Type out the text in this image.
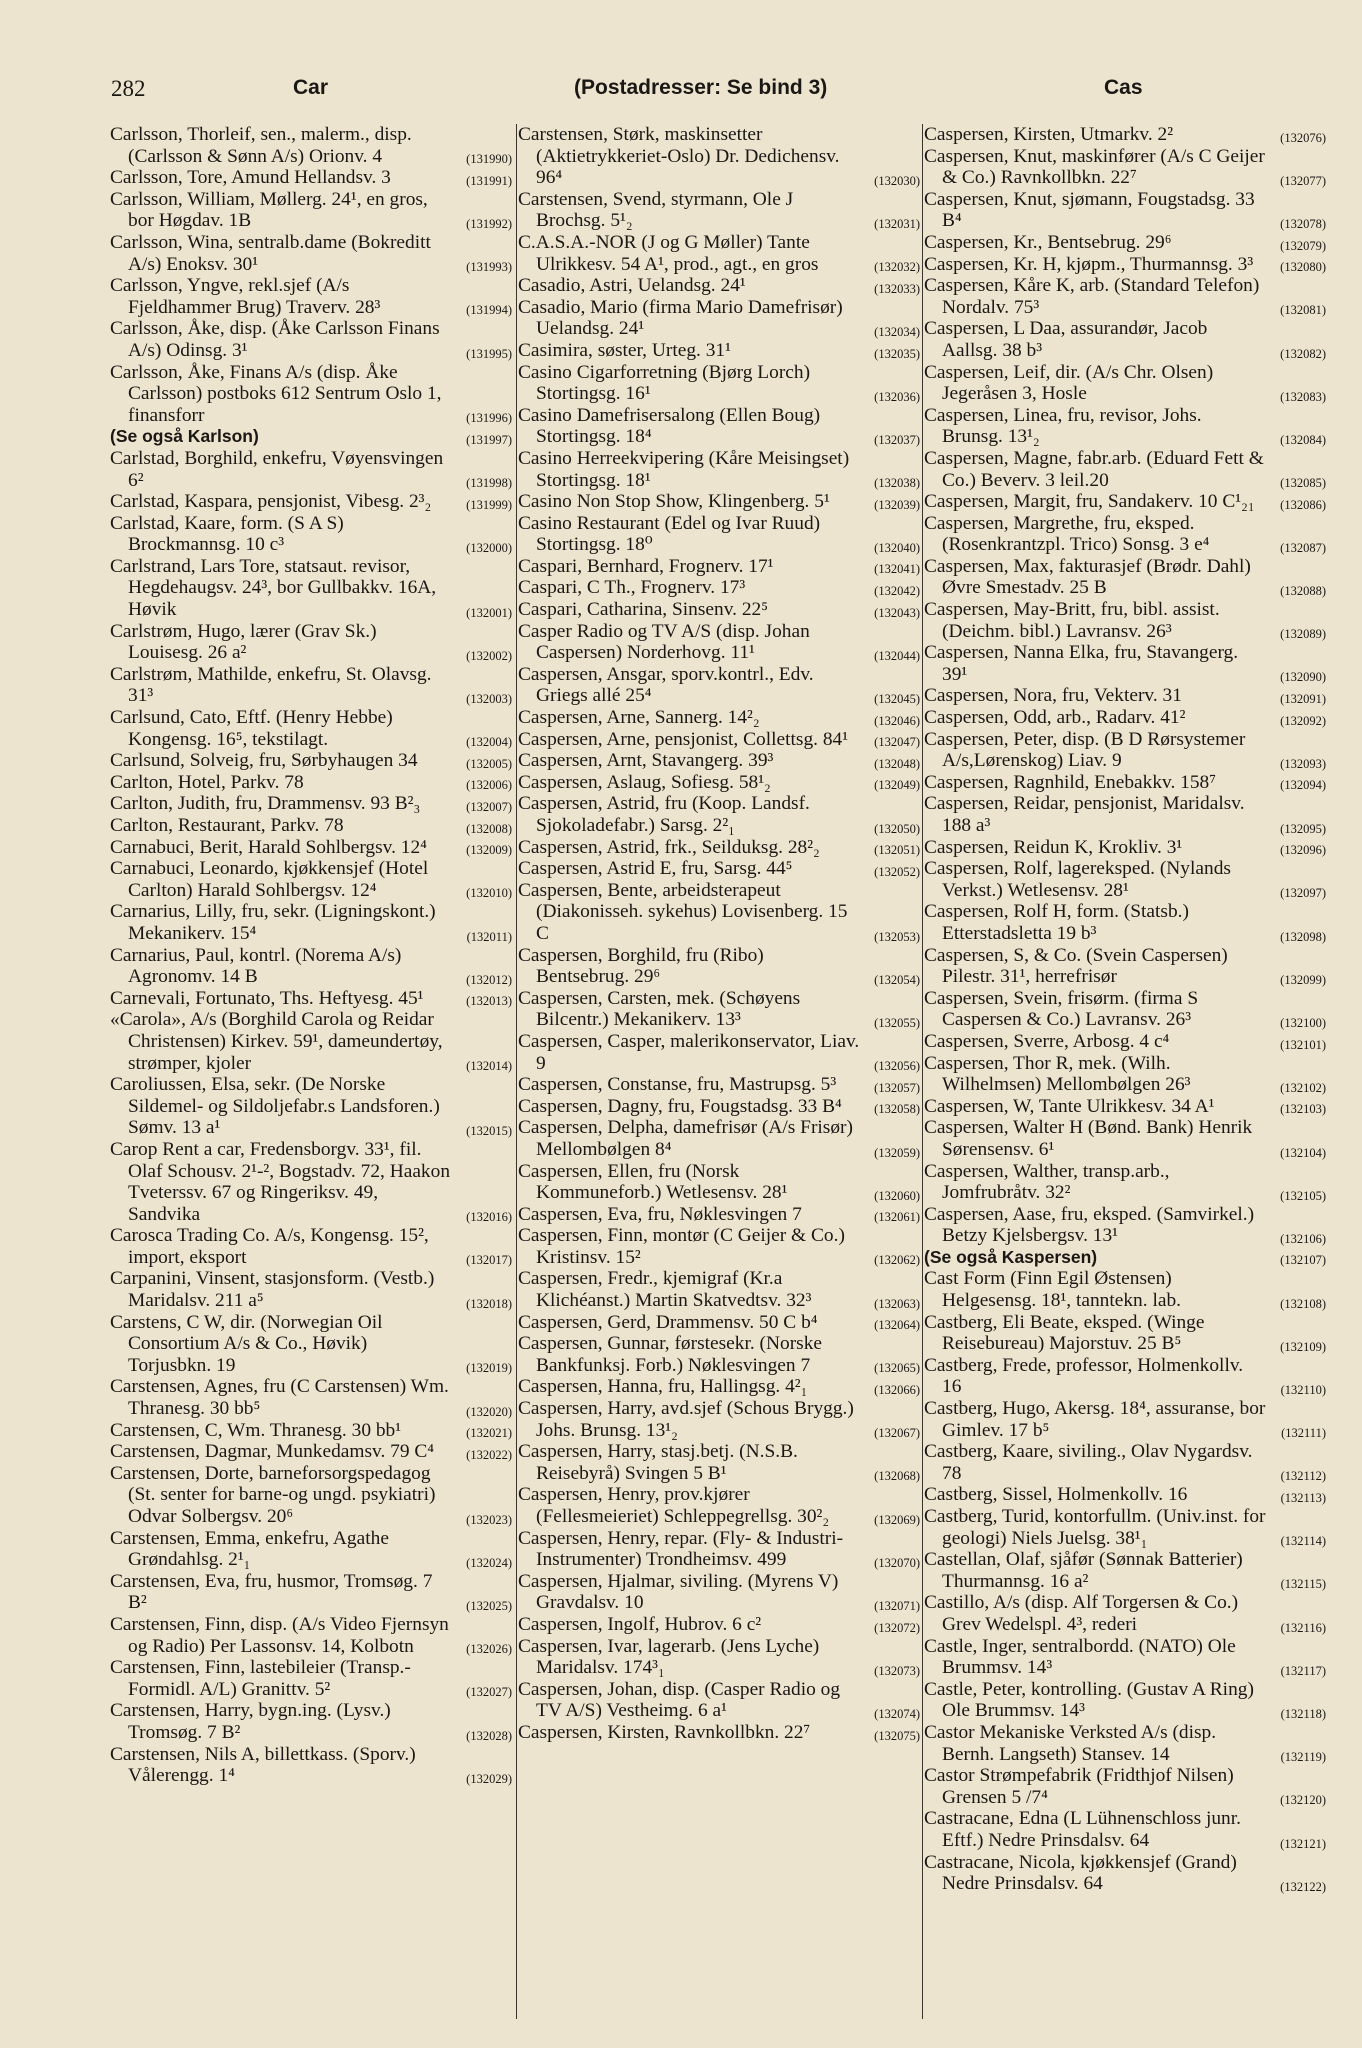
282	Car	(Postadresser: Se bind 3)	Cas
Carlsson, Thorleif, sen., malerm., disp. (Carlsson & Sønn A/s) Orionv. 4	(131990)
Carlsson, Tore, Amund Hellandsv. 3	(131991)
Carlsson, William, Møllerg. 24¹, en gros, bor Høgdav. 1B	(131992)
Carlsson, Wina, sentralb.dame (Bokreditt A/s) Enoksv. 30¹	(131993)
Carlsson, Yngve, rekl.sjef (A/s Fjeldhammer Brug) Traverv. 28³	(131994)
Carlsson, Åke, disp. (Åke Carlsson Finans A/s) Odinsg. 3¹	(131995)
Carlsson, Åke, Finans A/s (disp. Åke Carlsson) postboks 612 Sentrum Oslo 1, finansforr	(131996)
(Se også Karlson)	(131997)
Carlstad, Borghild, enkefru, Vøyensvingen 6²	(131998)
Carlstad, Kaspara, pensjonist, Vibesg. 2³₂	(131999)
Carlstad, Kaare, form. (S A S) Brockmannsg. 10 c³	(132000)
Carlstrand, Lars Tore, statsaut. revisor, Hegdehaugsv. 24³, bor Gullbakkv. 16A, Høvik	(132001)
Carlstrøm, Hugo, lærer (Grav Sk.) Louisesg. 26 a²	(132002)
Carlstrøm, Mathilde, enkefru, St. Olavsg. 31³	(132003)
Carlsund, Cato, Eftf. (Henry Hebbe) Kongensg. 16⁵, tekstilagt.	(132004)
Carlsund, Solveig, fru, Sørbyhaugen 34	(132005)
Carlton, Hotel, Parkv. 78	(132006)
Carlton, Judith, fru, Drammensv. 93 B²₃	(132007)
Carlton, Restaurant, Parkv. 78	(132008)
Carnabuci, Berit, Harald Sohlbergsv. 12⁴	(132009)
Carnabuci, Leonardo, kjøkkensjef (Hotel Carlton) Harald Sohlbergsv. 12⁴	(132010)
Carnarius, Lilly, fru, sekr. (Ligningskont.) Mekanikerv. 15⁴	(132011)
Carnarius, Paul, kontrl. (Norema A/s) Agronomv. 14 B	(132012)
Carnevali, Fortunato, Ths. Heftyesg. 45¹	(132013)
«Carola», A/s (Borghild Carola og Reidar Christensen) Kirkev. 59¹, dameundertøy, strømper, kjoler	(132014)
Caroliussen, Elsa, sekr. (De Norske Sildemel- og Sildoljefabr.s Landsforen.) Sømv. 13 a¹	(132015)
Carop Rent a car, Fredensborgv. 33¹, fil. Olaf Schousv. 2¹-², Bogstadv. 72, Haakon Tveterssv. 67 og Ringeriksv. 49, Sandvika	(132016)
Carosca Trading Co. A/s, Kongensg. 15², import, eksport	(132017)
Carpanini, Vinsent, stasjonsform. (Vestb.) Maridalsv. 211 a⁵	(132018)
Carstens, C W, dir. (Norwegian Oil Consortium A/s & Co., Høvik) Torjusbkn. 19	(132019)
Carstensen, Agnes, fru (C Carstensen) Wm. Thranesg. 30 bb⁵	(132020)
Carstensen, C, Wm. Thranesg. 30 bb¹	(132021)
Carstensen, Dagmar, Munkedamsv. 79 C⁴	(132022)
Carstensen, Dorte, barneforsorgspedagog (St. senter for barne-og ungd. psykiatri) Odvar Solbergsv. 20⁶	(132023)
Carstensen, Emma, enkefru, Agathe Grøndahlsg. 2¹₁	(132024)
Carstensen, Eva, fru, husmor, Tromsøg. 7 B²	(132025)
Carstensen, Finn, disp. (A/s Video Fjernsyn og Radio) Per Lassonsv. 14, Kolbotn	(132026)
Carstensen, Finn, lastebileier (Transp.-Formidl. A/L) Granittv. 5²	(132027)
Carstensen, Harry, bygn.ing. (Lysv.) Tromsøg. 7 B²	(132028)
Carstensen, Nils A, billettkass. (Sporv.) Vålerengg. 1⁴	(132029)
Carstensen, Størk, maskinsetter (Aktietrykkeriet-Oslo) Dr. Dedichensv. 96⁴	(132030)
Carstensen, Svend, styrmann, Ole J Brochsg. 5¹₂	(132031)
C.A.S.A.-NOR (J og G Møller) Tante Ulrikkesv. 54 A¹, prod., agt., en gros	(132032)
Casadio, Astri, Uelandsg. 24¹	(132033)
Casadio, Mario (firma Mario Damefrisør) Uelandsg. 24¹	(132034)
Casimira, søster, Urteg. 31¹	(132035)
Casino Cigarforretning (Bjørg Lorch) Stortingsg. 16¹	(132036)
Casino Damefrisersalong (Ellen Boug) Stortingsg. 18⁴	(132037)
Casino Herreekvipering (Kåre Meisingset) Stortingsg. 18¹	(132038)
Casino Non Stop Show, Klingenberg. 5¹	(132039)
Casino Restaurant (Edel og Ivar Ruud) Stortingsg. 18⁰	(132040)
Caspari, Bernhard, Frognerv. 17¹	(132041)
Caspari, C Th., Frognerv. 17³	(132042)
Caspari, Catharina, Sinsenv. 22⁵	(132043)
Casper Radio og TV A/S (disp. Johan Caspersen) Norderhovg. 11¹	(132044)
Caspersen, Ansgar, sporv.kontrl., Edv. Griegs allé 25⁴	(132045)
Caspersen, Arne, Sannerg. 14²₂	(132046)
Caspersen, Arne, pensjonist, Collettsg. 84¹ (132047)
Caspersen, Arnt, Stavangerg. 39³	(132048)
Caspersen, Aslaug, Sofiesg. 58¹₂	(132049)
Caspersen, Astrid, fru (Koop. Landsf. Sjokoladefabr.) Sarsg. 2²₁	(132050)
Caspersen, Astrid, frk., Seilduksg. 28²₂	(132051)
Caspersen, Astrid E, fru, Sarsg. 44⁵	(132052)
Caspersen, Bente, arbeidsterapeut (Diakonisseh. sykehus) Lovisenberg. 15 C	(132053)
Caspersen, Borghild, fru (Ribo) Bentsebrug. 29⁶	(132054)
Caspersen, Carsten, mek. (Schøyens Bilcentr.) Mekanikerv. 13³	(132055)
Caspersen, Casper, malerikonservator, Liav. 9	(132056)
Caspersen, Constanse, fru, Mastrupsg. 5³	(132057)
Caspersen, Dagny, fru, Fougstadsg. 33 B⁴	(132058)
Caspersen, Delpha, damefrisør (A/s Frisør) Mellombølgen 8⁴	(132059)
Caspersen, Ellen, fru (Norsk Kommuneforb.) Wetlesensv. 28¹	(132060)
Caspersen, Eva, fru, Nøklesvingen 7	(132061)
Caspersen, Finn, montør (C Geijer & Co.) Kristinsv. 15²	(132062)
Caspersen, Fredr., kjemigraf (Kr.a Klichéanst.) Martin Skatvedtsv. 32³	(132063)
Caspersen, Gerd, Drammensv. 50 C b⁴	(132064)
Caspersen, Gunnar, førstesekr. (Norske Bankfunksj. Forb.) Nøklesvingen 7	(132065)
Caspersen, Hanna, fru, Hallingsg. 4²₁	(132066)
Caspersen, Harry, avd.sjef (Schous Brygg.) Johs. Brunsg. 13¹₂	(132067)
Caspersen, Harry, stasj.betj. (N.S.B. Reisebyrå) Svingen 5 B¹	(132068)
Caspersen, Henry, prov.kjører (Fellesmeieriet) Schleppegrellsg. 30²₂	(132069)
Caspersen, Henry, repar. (Fly- & Industri-Instrumenter) Trondheimsv. 499	(132070)
Caspersen, Hjalmar, siviling. (Myrens V) Gravdalsv. 10	(132071)
Caspersen, Ingolf, Hubrov. 6 c²	(132072)
Caspersen, Ivar, lagerarb. (Jens Lyche) Maridalsv. 174³₁	(132073)
Caspersen, Johan, disp. (Casper Radio og TV A/S) Vestheimg. 6 a¹	(132074)
Caspersen, Kirsten, Ravnkollbkn. 22⁷	(132075)
Caspersen, Kirsten, Utmarkv. 2²	(132076)
Caspersen, Knut, maskinfører (A/s C Geijer & Co.) Ravnkollbkn. 22⁷	(132077)
Caspersen, Knut, sjømann, Fougstadsg. 33 B⁴	(132078)
Caspersen, Kr., Bentsebrug. 29⁶	(132079)
Caspersen, Kr. H, kjøpm., Thurmannsg. 3³ (132080)
Caspersen, Kåre K, arb. (Standard Telefon) Nordalv. 75³	(132081)
Caspersen, L Daa, assurandør, Jacob Aallsg. 38 b³	(132082)
Caspersen, Leif, dir. (A/s Chr. Olsen) Jegeråsen 3, Hosle	(132083)
Caspersen, Linea, fru, revisor, Johs. Brunsg. 13¹₂	(132084)
Caspersen, Magne, fabr.arb. (Eduard Fett & Co.) Beverv. 3 leil.20	(132085)
Caspersen, Margit, fru, Sandakerv. 10 C¹₂₁ (132086)
Caspersen, Margrethe, fru, eksped. (Rosenkrantzpl. Trico) Sonsg. 3 e⁴	(132087)
Caspersen, Max, fakturasjef (Brødr. Dahl) Øvre Smestadv. 25 B	(132088)
Caspersen, May-Britt, fru, bibl. assist. (Deichm. bibl.) Lavransv. 26³	(132089)
Caspersen, Nanna Elka, fru, Stavangerg. 39¹	(132090)
Caspersen, Nora, fru, Vekterv. 31	(132091)
Caspersen, Odd, arb., Radarv. 41²	(132092)
Caspersen, Peter, disp. (B D Rørsystemer A/s,Lørenskog) Liav. 9	(132093)
Caspersen, Ragnhild, Enebakkv. 158⁷	(132094)
Caspersen, Reidar, pensjonist, Maridalsv. 188 a³	(132095)
Caspersen, Reidun K, Krokliv. 3¹	(132096)
Caspersen, Rolf, lagereksped. (Nylands Verkst.) Wetlesensv. 28¹	(132097)
Caspersen, Rolf H, form. (Statsb.) Etterstadsletta 19 b³	(132098)
Caspersen, S, & Co. (Svein Caspersen) Pilestr. 31¹, herrefrisør	(132099)
Caspersen, Svein, frisørm. (firma S Caspersen & Co.) Lavransv. 26³	(132100)
Caspersen, Sverre, Arbosg. 4 c⁴	(132101)
Caspersen, Thor R, mek. (Wilh. Wilhelmsen) Mellombølgen 26³	(132102)
Caspersen, W, Tante Ulrikkesv. 34 A¹	(132103)
Caspersen, Walter H (Bønd. Bank) Henrik Sørensensv. 6¹	(132104)
Caspersen, Walther, transp.arb., Jomfrubråtv. 32²	(132105)
Caspersen, Aase, fru, eksped. (Samvirkel.) Betzy Kjelsbergsv. 13¹	(132106)
(Se også Kaspersen)	(132107)
Cast Form (Finn Egil Østensen) Helgesensg. 18¹, tanntekn. lab.	(132108)
Castberg, Eli Beate, eksped. (Winge Reisebureau) Majorstuv. 25 B⁵	(132109)
Castberg, Frede, professor, Holmenkollv. 16	(132110)
Castberg, Hugo, Akersg. 18⁴, assuranse, bor Gimlev. 17 b⁵	(132111)
Castberg, Kaare, siviling., Olav Nygardsv. 78	(132112)
Castberg, Sissel, Holmenkollv. 16	(132113)
Castberg, Turid, kontorfullm. (Univ.inst. for geologi) Niels Juelsg. 38¹₁	(132114)
Castellan, Olaf, sjåfør (Sønnak Batterier) Thurmannsg. 16 a²	(132115)
Castillo, A/s (disp. Alf Torgersen & Co.) Grev Wedelspl. 4³, rederi	(132116)
Castle, Inger, sentralbordd. (NATO) Ole Brummsv. 14³	(132117)
Castle, Peter, kontrolling. (Gustav A Ring) Ole Brummsv. 14³	(132118)
Castor Mekaniske Verksted A/s (disp. Bernh. Langseth) Stansev. 14	(132119)
Castor Strømpefabrik (Fridthjof Nilsen) Grensen 5 /7⁴	(132120)
Castracane, Edna (L Lühnenschloss junr. Eftf.) Nedre Prinsdalsv. 64	(132121)
Castracane, Nicola, kjøkkensjef (Grand) Nedre Prinsdalsv. 64	(132122)
